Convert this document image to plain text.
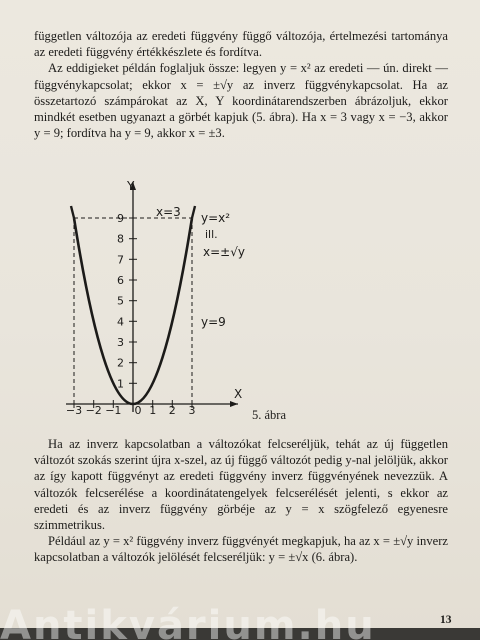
független változója az eredeti függvény függő változója, értelmezési tartománya az eredeti függvény értékkészlete és fordítva.

Az eddigieket példán foglaljuk össze: legyen y = x² az eredeti — ún. direkt — függvénykapcsolat; ekkor x = ±√y az inverz függvénykapcsolat. Ha az összetartozó számpárokat az X, Y koordinátarendszerben ábrázoljuk, ekkor mindkét esetben ugyanazt a görbét kapjuk (5. ábra). Ha x = 3 vagy x = −3, akkor y = 9; fordítva ha y = 9, akkor x = ±3.

Y
X
9
8
7
6
5
4
3
2
1
−3 −2 −1 0 1 2 3
x=3 y=x²
ill.
x=±√y
y=9
5. ábra

Ha az inverz kapcsolatban a változókat felcseréljük, tehát az új független változót szokás szerint újra x-szel, az új függő változót pedig y-nal jelöljük, akkor az így kapott függvényt az eredeti függvény inverz függvényének nevezzük. A változók felcserélése a koordinátatengelyek felcserélését jelenti, s ekkor az eredeti és az inverz függvény görbéje az y = x szögfelező egyenesre szimmetrikus.

Például az y = x² függvény inverz függvényét megkapjuk, ha az x = ±√y inverz kapcsolatban a változók jelölését felcseréljük: y = ±√x (6. ábra).

13
Antikvárium.hu
